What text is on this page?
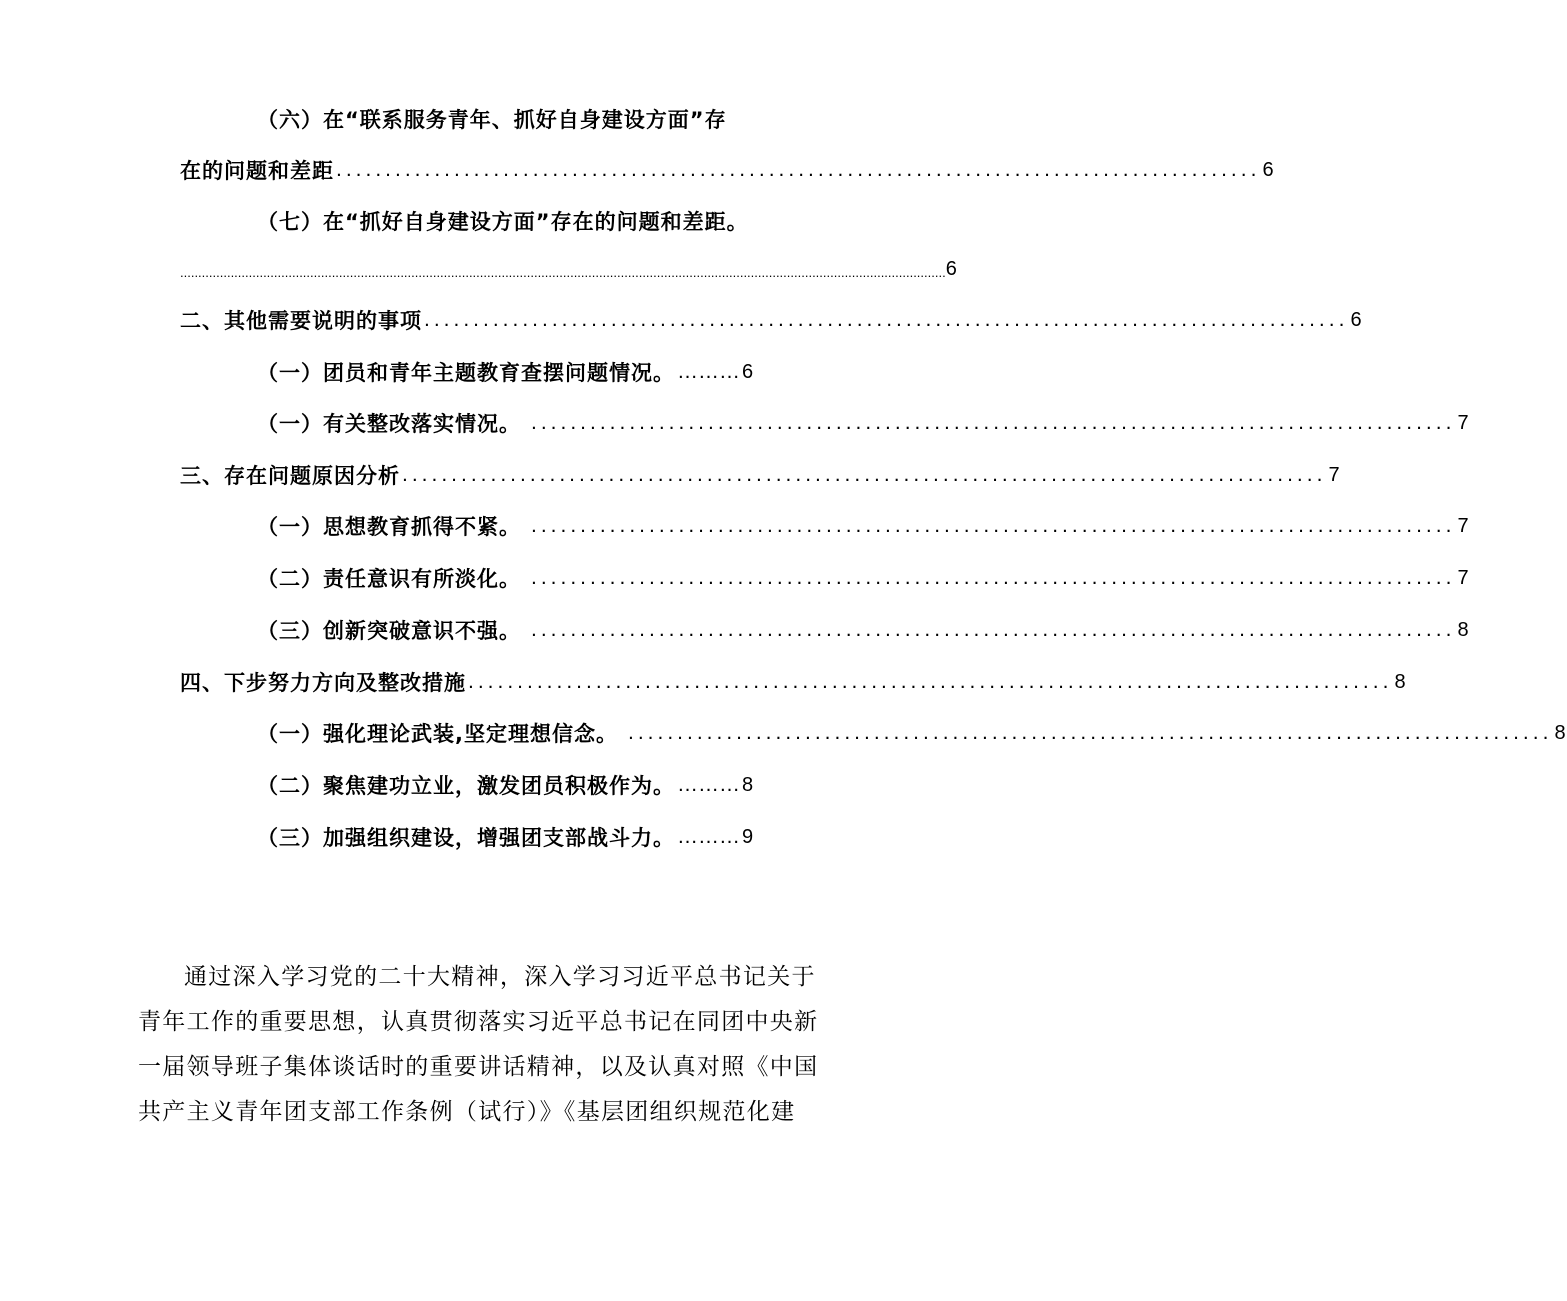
（六）在“联系服务青年、抓好自身建设方面”存
在的问题和差距 .............................................................................................. 6
（七）在“抓好自身建设方面”存在的问题和差距。
.................................................................................................................................................................................................................... 6
二、其他需要说明的事项 .............................................................................................. 6
（一）团员和青年主题教育查摆问题情况。 ……… 6
（一）有关整改落实情况。 .............................................................................................. 7
三、存在问题原因分析 .............................................................................................. 7
（一）思想教育抓得不紧。 .............................................................................................. 7
（二）责任意识有所淡化。 .............................................................................................. 7
（三）创新突破意识不强。 .............................................................................................. 8
四、下步努力方向及整改措施 .............................................................................................. 8
（一）强化理论武装,坚定理想信念。 .............................................................................................. 8
（二）聚焦建功立业，激发团员积极作为。 ……… 8
（三）加强组织建设，增强团支部战斗力。 ……… 9
通过深入学习党的二十大精神，深入学习习近平总书记关于
青年工作的重要思想，认真贯彻落实习近平总书记在同团中央新
一届领导班子集体谈话时的重要讲话精神，以及认真对照《中国
共产主义青年团支部工作条例（试行）》《基层团组织规范化建
